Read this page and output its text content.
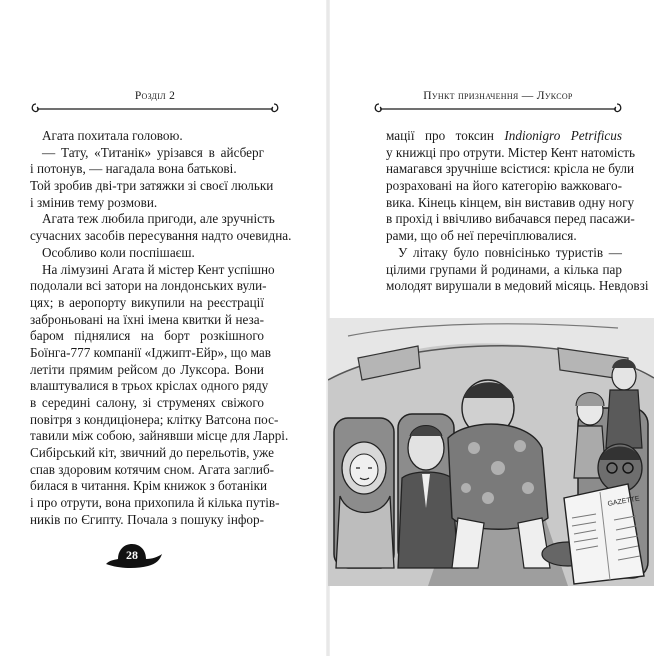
Розділ 2
Агата похитала головою.
— Тату, «Титанік» урізався в айсберг
і потонув, — нагадала вона батькові.
Той зробив дві-три затяжки зі своєї люльки
і змінив тему розмови.
Агата теж любила пригоди, але зручність
сучасних засобів пересування надто очевидна.
Особливо коли поспішаєш.
На лімузині Агата й містер Кент успішно
подолали всі затори на лондонських вули-
цях; в аеропорту викупили на реєстрації
заброньовані на їхні імена квитки й неза-
баром піднялися на борт розкішного
Боїнга-777 компанії «Іджипт-Ейр», що мав
летіти прямим рейсом до Луксора. Вони
влаштувалися в трьох кріслах одного ряду
в середині салону, зі струменях свіжого
повітря з кондиціонера; клітку Ватсона пос-
тавили між собою, зайнявши місце для Ларрі.
Сибірський кіт, звичний до перельотів, уже
спав здоровим котячим сном. Агата заглиб-
билася в читання. Крім книжок з ботаніки
і про отрути, вона прихопила й кілька путів-
ників по Єгипту. Почала з пошуку інфор-
28
Пункт призначення — Луксор
мації про токсин Indionigro Petrificus
у книжці про отрути. Містер Кент натомість
намагався зручніше всістися: крісла не були
розраховані на його категорію важковаго-
вика. Кінець кінцем, він виставив одну ногу
в прохід і ввічливо вибачався перед пасажи-
рами, що об неї перечіплювалися.
У літаку було повнісінько туристів —
цілими групами й родинами, а кілька пар
молодят вирушали в медовий місяць. Невдовзі
GAZETTE
